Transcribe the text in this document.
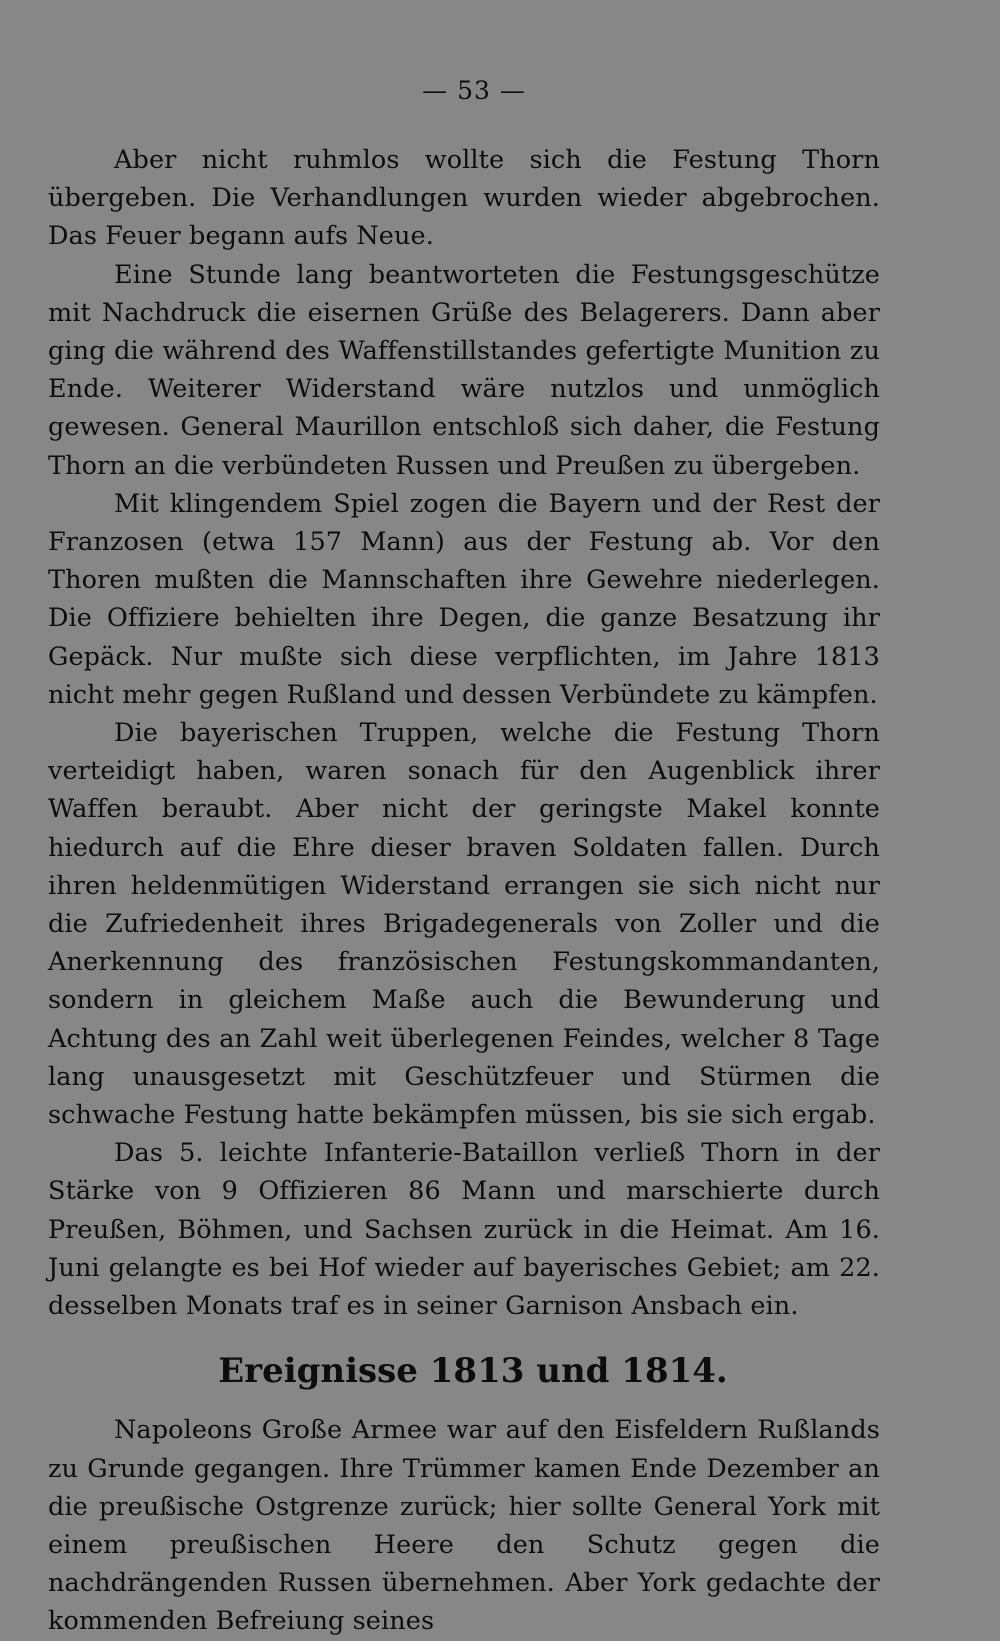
— 53 —

Aber nicht ruhmlos wollte sich die Festung Thorn übergeben. Die Verhandlungen wurden wieder abgebrochen. Das Feuer begann aufs Neue.

Eine Stunde lang beantworteten die Festungsgeschütze mit Nachdruck die eisernen Grüße des Belagerers. Dann aber ging die während des Waffenstillstandes gefertigte Munition zu Ende. Weiterer Widerstand wäre nutzlos und unmöglich gewesen. General Maurillon entschloß sich daher, die Festung Thorn an die verbündeten Russen und Preußen zu übergeben.

Mit klingendem Spiel zogen die Bayern und der Rest der Franzosen (etwa 157 Mann) aus der Festung ab. Vor den Thoren mußten die Mannschaften ihre Gewehre niederlegen. Die Offiziere behielten ihre Degen, die ganze Besatzung ihr Gepäck. Nur mußte sich diese verpflichten, im Jahre 1813 nicht mehr gegen Rußland und dessen Verbündete zu kämpfen.

Die bayerischen Truppen, welche die Festung Thorn verteidigt haben, waren sonach für den Augenblick ihrer Waffen beraubt. Aber nicht der geringste Makel konnte hiedurch auf die Ehre dieser braven Soldaten fallen. Durch ihren heldenmütigen Widerstand errangen sie sich nicht nur die Zufriedenheit ihres Brigadegenerals von Zoller und die Anerkennung des französischen Festungskommandanten, sondern in gleichem Maße auch die Bewunderung und Achtung des an Zahl weit überlegenen Feindes, welcher 8 Tage lang unausgesetzt mit Geschützfeuer und Stürmen die schwache Festung hatte bekämpfen müssen, bis sie sich ergab.

Das 5. leichte Infanterie-Bataillon verließ Thorn in der Stärke von 9 Offizieren 86 Mann und marschierte durch Preußen, Böhmen, und Sachsen zurück in die Heimat. Am 16. Juni gelangte es bei Hof wieder auf bayerisches Gebiet; am 22. desselben Monats traf es in seiner Garnison Ansbach ein.

Ereignisse 1813 und 1814.

Napoleons Große Armee war auf den Eisfeldern Rußlands zu Grunde gegangen. Ihre Trümmer kamen Ende Dezember an die preußische Ostgrenze zurück; hier sollte General York mit einem preußischen Heere den Schutz gegen die nachdrängenden Russen übernehmen. Aber York gedachte der kommenden Befreiung seines
